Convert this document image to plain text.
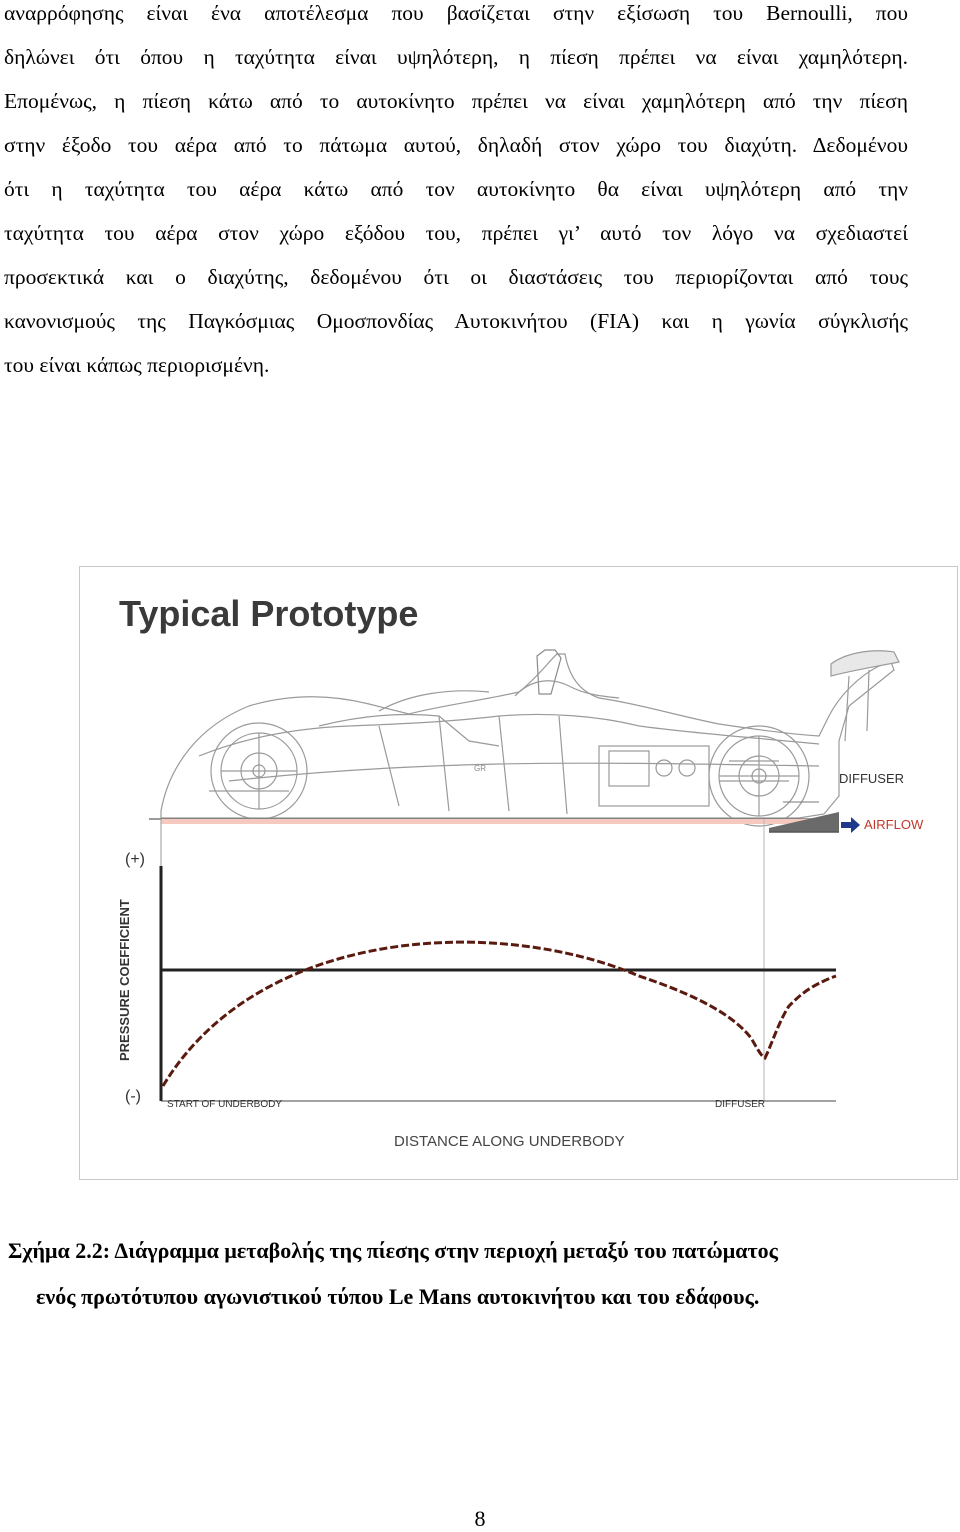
αναρρόφησης είναι ένα αποτέλεσμα που βασίζεται στην εξίσωση του Bernoulli, που
δηλώνει ότι όπου η ταχύτητα είναι υψηλότερη, η πίεση πρέπει να είναι χαμηλότερη.
Επομένως, η πίεση κάτω από το αυτοκίνητο πρέπει να είναι χαμηλότερη από την πίεση
στην έξοδο του αέρα από το πάτωμα αυτού, δηλαδή στον χώρο του διαχύτη. Δεδομένου
ότι η ταχύτητα του αέρα κάτω από τον αυτοκίνητο θα είναι υψηλότερη από την
ταχύτητα του αέρα στον χώρο εξόδου του, πρέπει γι’ αυτό τον λόγο να σχεδιαστεί
προσεκτικά και ο διαχύτης, δεδομένου ότι οι διαστάσεις του περιορίζονται από τους
κανονισμούς της Παγκόσμιας Ομοσπονδίας Αυτοκινήτου (FIA) και η γωνία σύγκλισής
του είναι κάπως περιορισμένη.
Typical Prototype
GR
DIFFUSER
AIRFLOW
(+)
(-)
PRESSURE COEFFICIENT
START OF UNDERBODY	DIFFUSER
DISTANCE ALONG UNDERBODY
Σχήμα 2.2: Διάγραμμα μεταβολής της πίεσης στην περιοχή μεταξύ του πατώματος
ενός πρωτότυπου αγωνιστικού τύπου Le Mans αυτοκινήτου και του εδάφους.
8
